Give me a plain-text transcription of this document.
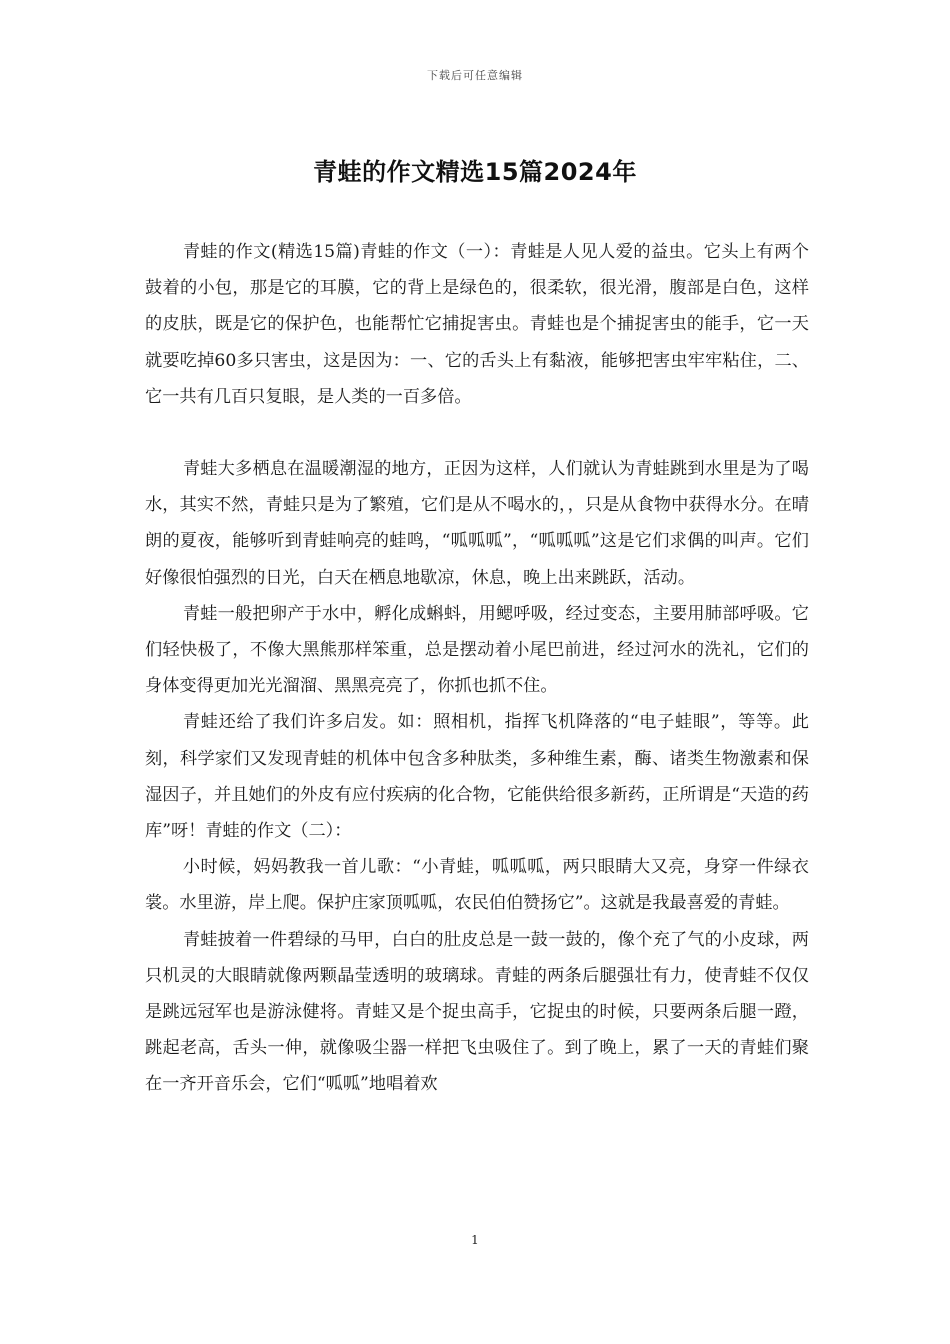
下载后可任意编辑
青蛙的作文精选15篇2024年

青蛙的作文(精选15篇)青蛙的作文（一）：青蛙是人见人爱的益虫。它头上有两个鼓着的小包，那是它的耳膜，它的背上是绿色的，很柔软，很光滑，腹部是白色，这样的皮肤，既是它的保护色，也能帮忙它捕捉害虫。青蛙也是个捕捉害虫的能手，它一天就要吃掉60多只害虫，这是因为：一、它的舌头上有黏液，能够把害虫牢牢粘住，二、它一共有几百只复眼，是人类的一百多倍。

青蛙大多栖息在温暖潮湿的地方，正因为这样，人们就认为青蛙跳到水里是为了喝水，其实不然，青蛙只是为了繁殖，它们是从不喝水的，，只是从食物中获得水分。在晴朗的夏夜，能够听到青蛙响亮的蛙鸣，“呱呱呱”，“呱呱呱”这是它们求偶的叫声。它们好像很怕强烈的日光，白天在栖息地歇凉，休息，晚上出来跳跃，活动。

青蛙一般把卵产于水中，孵化成蝌蚪，用鳃呼吸，经过变态，主要用肺部呼吸。它们轻快极了，不像大黑熊那样笨重，总是摆动着小尾巴前进，经过河水的洗礼，它们的身体变得更加光光溜溜、黑黑亮亮了，你抓也抓不住。

青蛙还给了我们许多启发。如：照相机，指挥飞机降落的“电子蛙眼”，等等。此刻，科学家们又发现青蛙的机体中包含多种肽类，多种维生素，酶、诸类生物激素和保湿因子，并且她们的外皮有应付疾病的化合物，它能供给很多新药，正所谓是“天造的药库”呀！青蛙的作文（二）：

小时候，妈妈教我一首儿歌：“小青蛙，呱呱呱，两只眼睛大又亮，身穿一件绿衣裳。水里游，岸上爬。保护庄家顶呱呱，农民伯伯赞扬它”。这就是我最喜爱的青蛙。

青蛙披着一件碧绿的马甲，白白的肚皮总是一鼓一鼓的，像个充了气的小皮球，两只机灵的大眼睛就像两颗晶莹透明的玻璃球。青蛙的两条后腿强壮有力，使青蛙不仅仅是跳远冠军也是游泳健将。青蛙又是个捉虫高手，它捉虫的时候，只要两条后腿一蹬，跳起老高，舌头一伸，就像吸尘器一样把飞虫吸住了。到了晚上，累了一天的青蛙们聚在一齐开音乐会，它们“呱呱”地唱着欢

1
